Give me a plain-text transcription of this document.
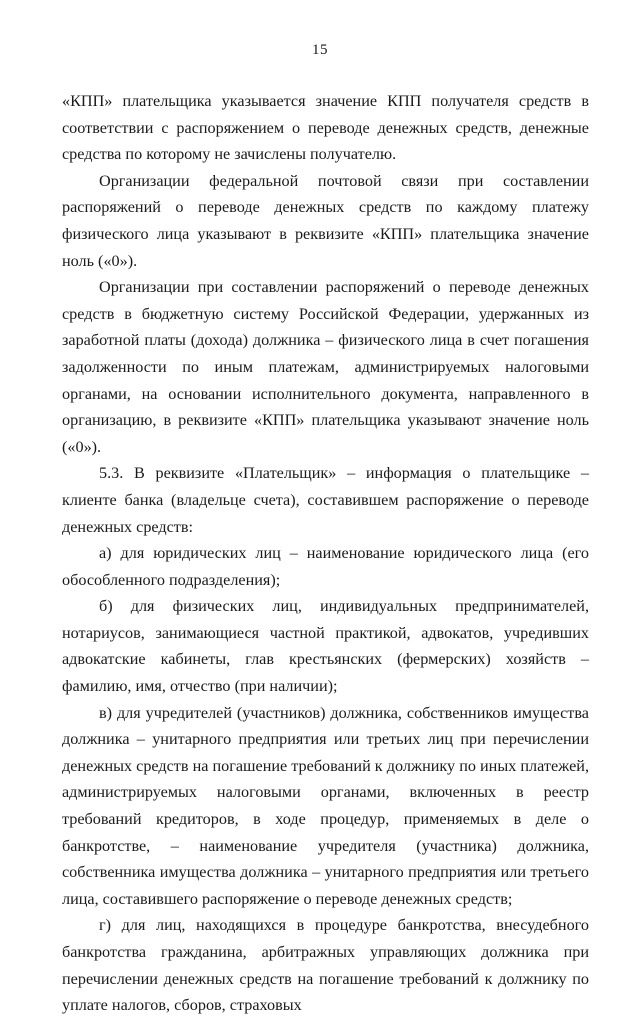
15

«КПП» плательщика указывается значение КПП получателя средств в соответствии с распоряжением о переводе денежных средств, денежные средства по которому не зачислены получателю.

Организации федеральной почтовой связи при составлении распоряжений о переводе денежных средств по каждому платежу физического лица указывают в реквизите «КПП» плательщика значение ноль («0»).

Организации при составлении распоряжений о переводе денежных средств в бюджетную систему Российской Федерации, удержанных из заработной платы (дохода) должника – физического лица в счет погашения задолженности по иным платежам, администрируемых налоговыми органами, на основании исполнительного документа, направленного в организацию, в реквизите «КПП» плательщика указывают значение ноль («0»).

5.3. В реквизите «Плательщик» – информация о плательщике – клиенте банка (владельце счета), составившем распоряжение о переводе денежных средств:

а) для юридических лиц – наименование юридического лица (его обособленного подразделения);

б) для физических лиц, индивидуальных предпринимателей, нотариусов, занимающиеся частной практикой, адвокатов, учредивших адвокатские кабинеты, глав крестьянских (фермерских) хозяйств – фамилию, имя, отчество (при наличии);

в) для учредителей (участников) должника, собственников имущества должника – унитарного предприятия или третьих лиц при перечислении денежных средств на погашение требований к должнику по иных платежей, администрируемых налоговыми органами, включенных в реестр требований кредиторов, в ходе процедур, применяемых в деле о банкротстве, – наименование учредителя (участника) должника, собственника имущества должника – унитарного предприятия или третьего лица, составившего распоряжение о переводе денежных средств;

г) для лиц, находящихся в процедуре банкротства, внесудебного банкротства гражданина, арбитражных управляющих должника при перечислении денежных средств на погашение требований к должнику по уплате налогов, сборов, страховых
